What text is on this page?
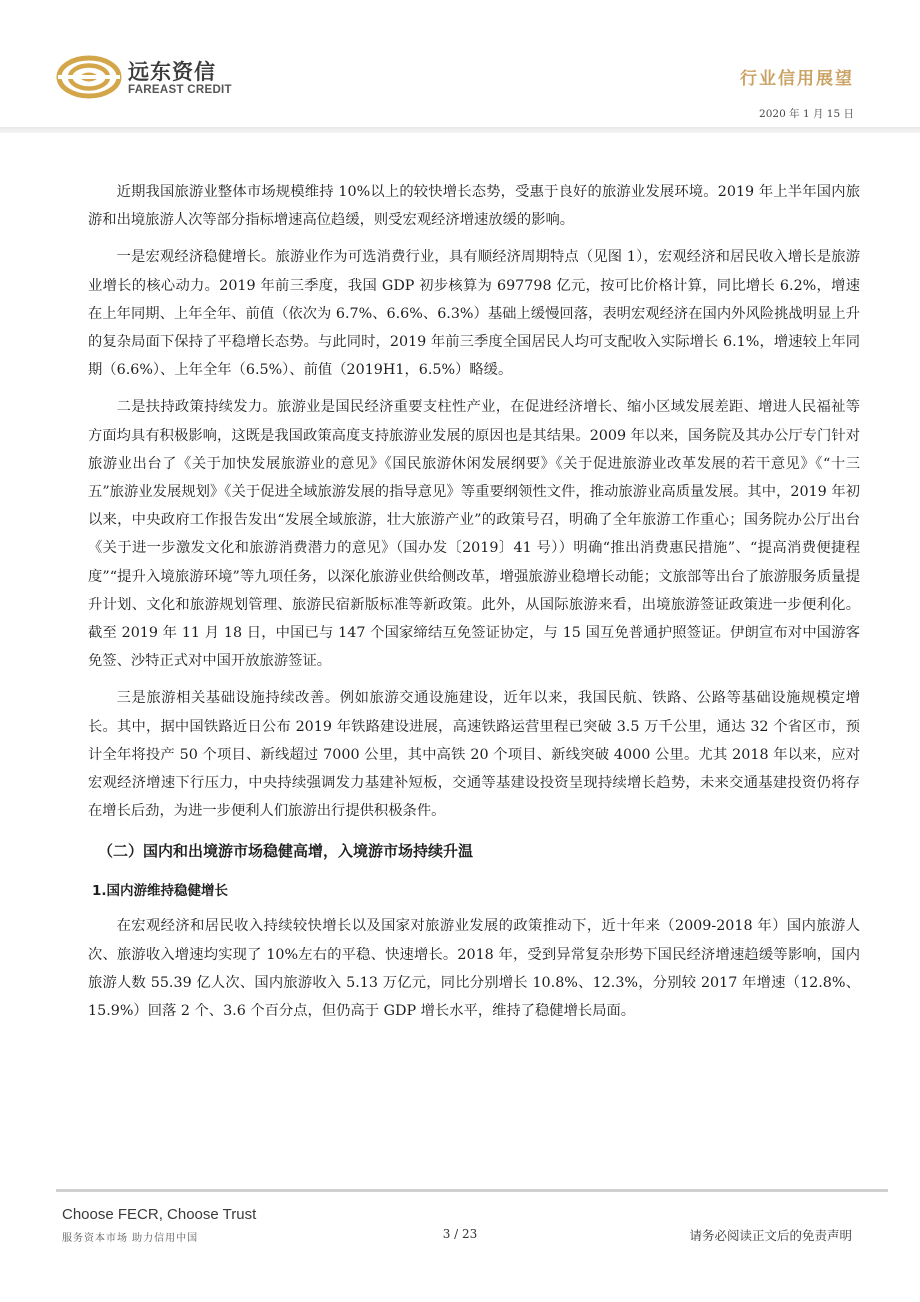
远东资信
FAREAST CREDIT
行业信用展望
2020 年 1 月 15 日

近期我国旅游业整体市场规模维持 10%以上的较快增长态势，受惠于良好的旅游业发展环境。2019 年上半年国内旅游和出境旅游人次等部分指标增速高位趋缓，则受宏观经济增速放缓的影响。

一是宏观经济稳健增长。旅游业作为可选消费行业，具有顺经济周期特点（见图 1），宏观经济和居民收入增长是旅游业增长的核心动力。2019 年前三季度，我国 GDP 初步核算为 697798 亿元，按可比价格计算，同比增长 6.2%，增速在上年同期、上年全年、前值（依次为 6.7%、6.6%、6.3%）基础上缓慢回落，表明宏观经济在国内外风险挑战明显上升的复杂局面下保持了平稳增长态势。与此同时，2019 年前三季度全国居民人均可支配收入实际增长 6.1%，增速较上年同期（6.6%）、上年全年（6.5%）、前值（2019H1，6.5%）略缓。

二是扶持政策持续发力。旅游业是国民经济重要支柱性产业，在促进经济增长、缩小区域发展差距、增进人民福祉等方面均具有积极影响，这既是我国政策高度支持旅游业发展的原因也是其结果。2009 年以来，国务院及其办公厅专门针对旅游业出台了《关于加快发展旅游业的意见》《国民旅游休闲发展纲要》《关于促进旅游业改革发展的若干意见》《“十三五”旅游业发展规划》《关于促进全域旅游发展的指导意见》等重要纲领性文件，推动旅游业高质量发展。其中，2019 年初以来，中央政府工作报告发出“发展全域旅游，壮大旅游产业”的政策号召，明确了全年旅游工作重心；国务院办公厅出台《关于进一步激发文化和旅游消费潜力的意见》（国办发〔2019〕41 号））明确“推出消费惠民措施”、“提高消费便捷程度”“提升入境旅游环境”等九项任务，以深化旅游业供给侧改革，增强旅游业稳增长动能；文旅部等出台了旅游服务质量提升计划、文化和旅游规划管理、旅游民宿新版标准等新政策。此外，从国际旅游来看，出境旅游签证政策进一步便利化。截至 2019 年 11 月 18 日，中国已与 147 个国家缔结互免签证协定，与 15 国互免普通护照签证。伊朗宣布对中国游客免签、沙特正式对中国开放旅游签证。

三是旅游相关基础设施持续改善。例如旅游交通设施建设，近年以来，我国民航、铁路、公路等基础设施规模定增长。其中，据中国铁路近日公布 2019 年铁路建设进展，高速铁路运营里程已突破 3.5 万千公里，通达 32 个省区市，预计全年将投产 50 个项目、新线超过 7000 公里，其中高铁 20 个项目、新线突破 4000 公里。尤其 2018 年以来，应对宏观经济增速下行压力，中央持续强调发力基建补短板，交通等基建设投资呈现持续增长趋势，未来交通基建投资仍将存在增长后劲，为进一步便利人们旅游出行提供积极条件。

（二）国内和出境游市场稳健高增，入境游市场持续升温
1.国内游维持稳健增长

在宏观经济和居民收入持续较快增长以及国家对旅游业发展的政策推动下，近十年来（2009-2018 年）国内旅游人次、旅游收入增速均实现了 10%左右的平稳、快速增长。2018 年，受到异常复杂形势下国民经济增速趋缓等影响，国内旅游人数 55.39 亿人次、国内旅游收入 5.13 万亿元，同比分别增长 10.8%、12.3%，分别较 2017 年增速（12.8%、15.9%）回落 2 个、3.6 个百分点，但仍高于 GDP 增长水平，维持了稳健增长局面。

Choose FECR, Choose Trust
服务资本市场 助力信用中国	3 / 23	请务必阅读正文后的免责声明
